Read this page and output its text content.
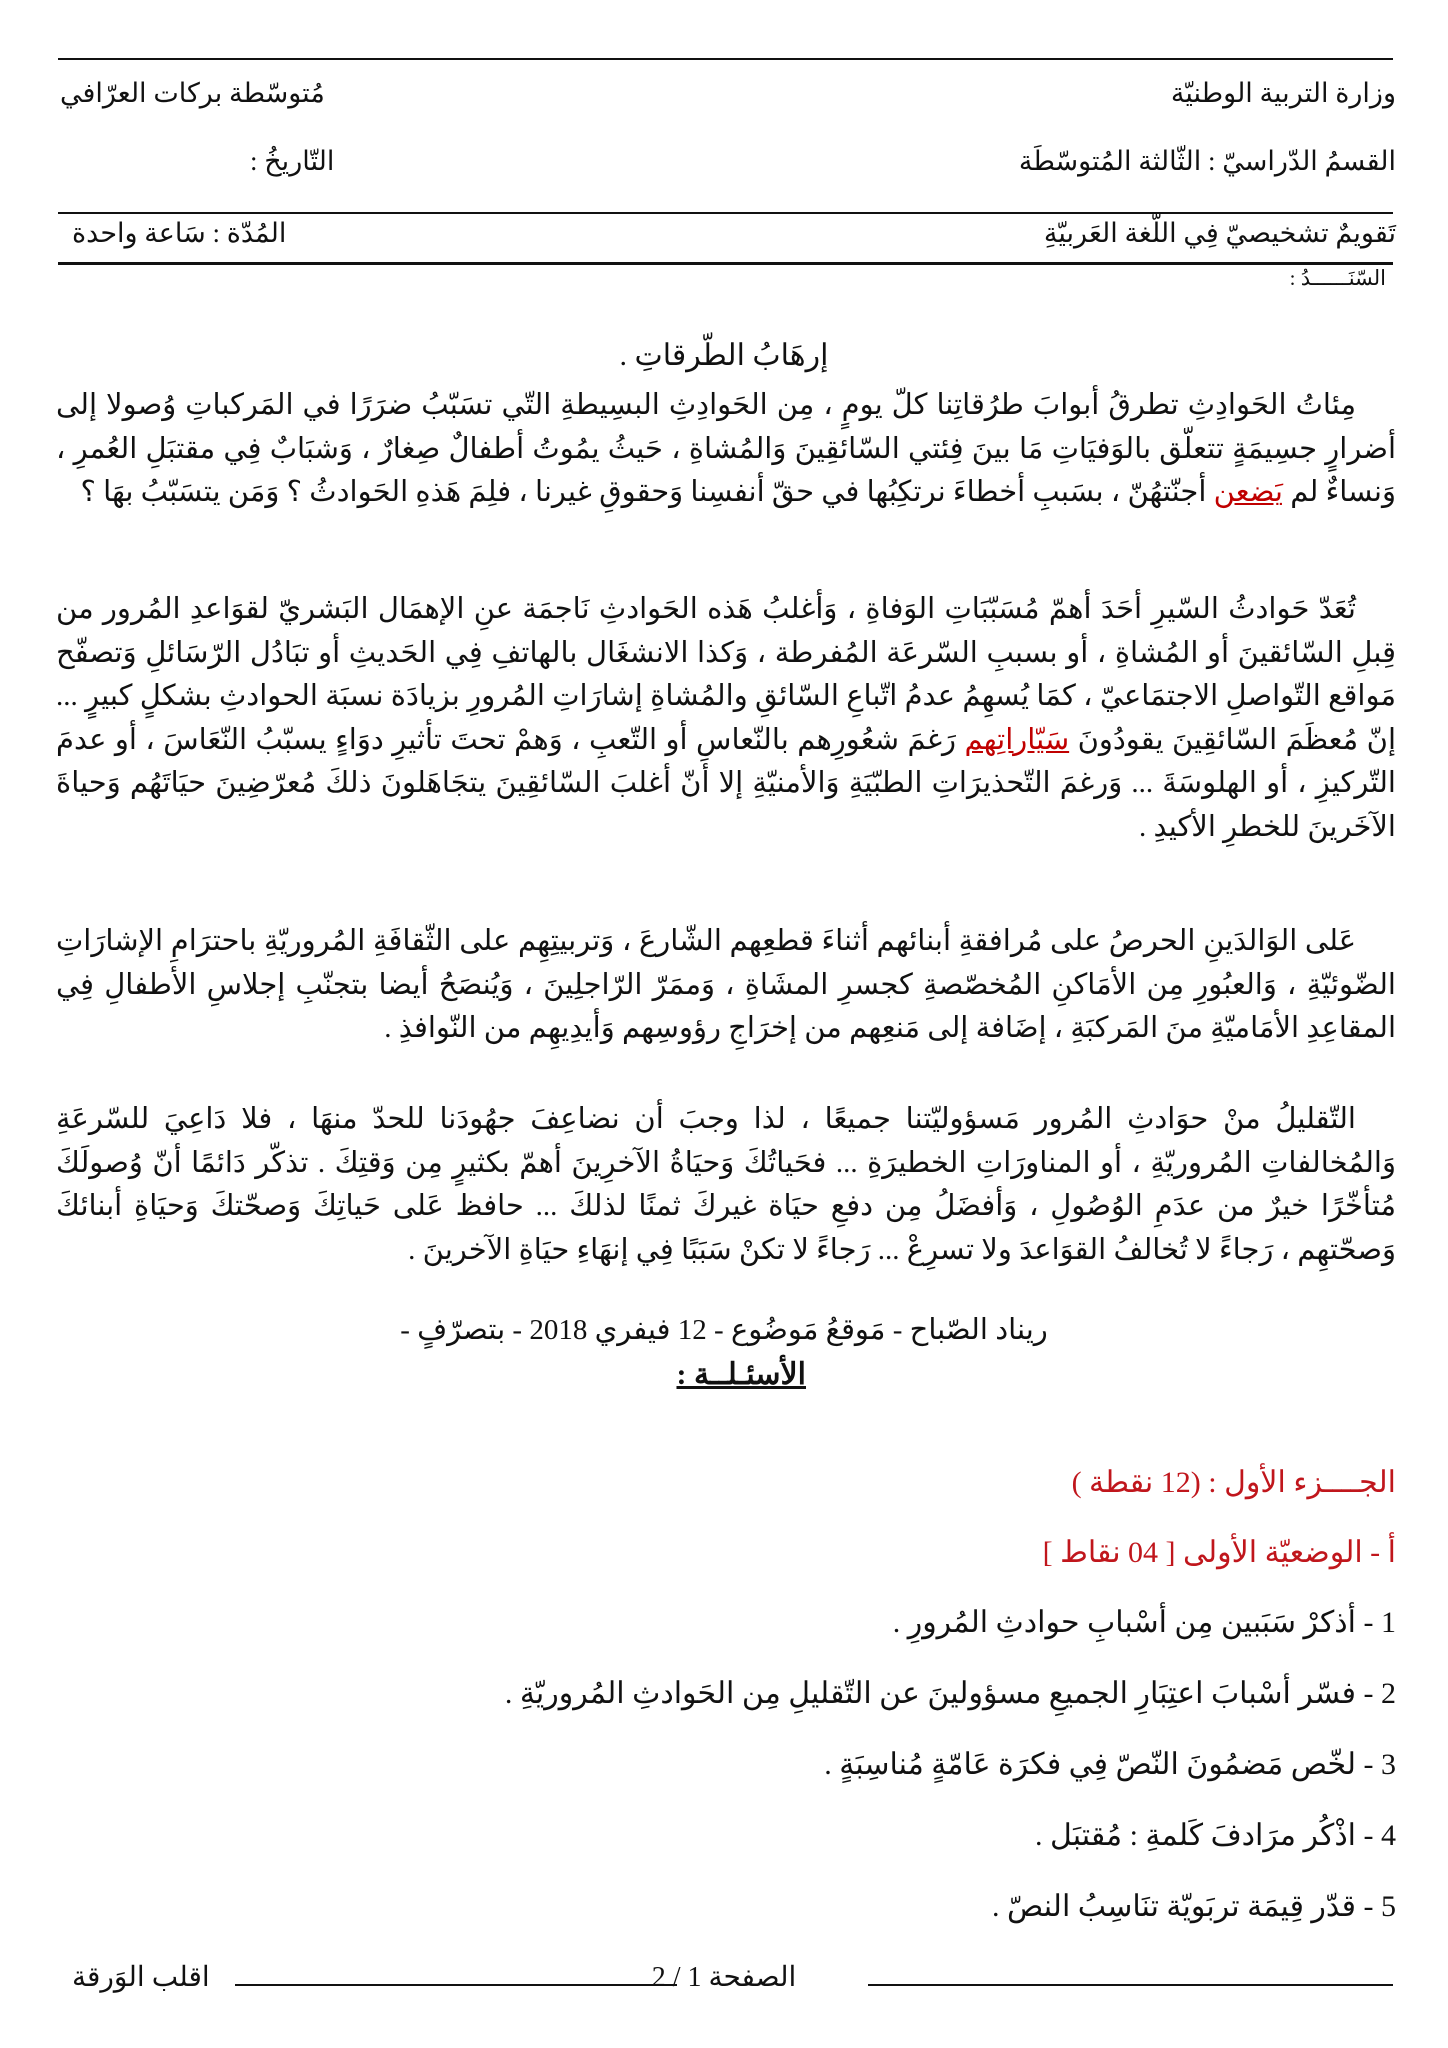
وزارة التربية الوطنيّة
مُتوسّطة بركات العرّافي
القسمُ الدّراسيّ : الثّالثة المُتوسّطَة
التّاريخُ :
تَقويمٌ تشخيصيّ فِي اللّغة العَربيّةِ
المُدّة : سَاعة واحدة
السّنَــــــدُ :
إرهَابُ الطّرقاتِ .
مِئاتُ الحَوادِثِ تطرقُ أبوابَ طرُقاتِنا كلّ يومٍ ، مِن الحَوادِثِ البسِيطةِ التّي تسَبّبُ ضرَرًا في المَركباتِ وُصولا إلى أضرارٍ جسِيمَةٍ تتعلّق بالوَفيَاتِ مَا بينَ فِئتي السّائقِينَ وَالمُشاةِ ، حَيثُ يمُوتُ أطفالٌ صِغارٌ ، وَشبَابٌ فِي مقتبَلِ العُمرِ ، وَنساءٌ لم يَضعن أجنّتهُنّ ، بسَببِ أخطاءَ نرتكِبُها في حقّ أنفسِنا وَحقوقِ غيرنا ، فلِمَ هَذهِ الحَوادثُ ؟ وَمَن يتسَبّبُ بهَا ؟
تُعَدّ حَوادثُ السّيرِ أحَدَ أهمّ مُسَبّبَاتِ الوَفاةِ ، وَأغلبُ هَذه الحَوادثِ نَاجمَة عنِ الإهمَال البَشريّ لقوَاعدِ المُرور من قِبلِ السّائقينَ أو المُشاةِ ، أو بسببِ السّرعَة المُفرطة ، وَكذا الانشغَال بالهاتفِ فِي الحَديثِ أو تبَادُل الرّسَائلِ وَتصفّح مَواقع التّواصلِ الاجتمَاعيّ ، كمَا يُسهِمُ عدمُ اتّباعِ السّائقِ والمُشاةِ إشارَاتِ المُرورِ بزيادَة نسبَة الحوادثِ بشكلٍ كبيرٍ ... إنّ مُعظَمَ السّائقِينَ يقودُونَ سَيّاراتِهم رَغمَ شعُورِهم بالنّعاسِ أو التّعبِ ، وَهمْ تحتَ تأثيرِ دوَاءٍ يسبّبُ النّعَاسَ ، أو عدمَ التّركيزِ ، أو الهلوسَةَ ... وَرغمَ التّحذيرَاتِ الطبّيَةِ وَالأمنيّةِ إلا أنّ أغلبَ السّائقِينَ يتجَاهَلونَ ذلكَ مُعرّضِينَ حيَاتَهُم وَحياةَ الآخَرينَ للخطرِ الأكيدِ .
عَلى الوَالدَينِ الحرصُ على مُرافقةِ أبنائهم أثناءَ قطعِهم الشّارعَ ، وَتربيتِهِم على الثّقافَةِ المُروريّةِ باحترَامِ الإشارَاتِ الضّوئيّةِ ، وَالعبُورِ مِن الأمَاكنِ المُخصّصةِ كجسرِ المشَاةِ ، وَممَرّ الرّاجلِينَ ، وَيُنصَحُ أيضا بتجنّبِ إجلاسِ الأطفالِ فِي المقاعِدِ الأمَاميّةِ منَ المَركبَةِ ، إضَافة إلى مَنعِهم من إخرَاجِ رؤوسِهم وَأيدِيهِم من النّوافذِ .
التّقليلُ منْ حوَادثِ المُرور مَسؤوليّتنا جميعًا ، لذا وجبَ أن نضاعِفَ جهُودَنا للحدّ منهَا ، فلا دَاعِيَ للسّرعَةِ وَالمُخالفاتِ المُروريّةِ ، أو المناورَاتِ الخطيرَةِ ... فحَياتُكَ وَحيَاةُ الآخرِينَ أهمّ بكثيرٍ مِن وَقتِكَ . تذكّر دَائمًا أنّ وُصولَكَ مُتأخّرًا خيرٌ من عدَمِ الوُصُولِ ، وَأفضَلُ مِن دفعِ حيَاة غيركَ ثمنًا لذلكَ ... حافظ عَلى حَياتِكَ وَصحّتكَ وَحيَاةِ أبنائكَ وَصحّتهِم ، رَجاءً لا تُخالفُ القوَاعدَ ولا تسرِعْ ... رَجاءً لا تكنْ سَبَبًا فِي إنهَاءِ حيَاةِ الآخرينَ .
ريناد الصّباح - مَوقعُ مَوضُوع - 12 فيفري 2018 - بتصرّفٍ -
الأسئـلــة :
الجــــزء الأول : (12 نقطة )
أ - الوضعيّة الأولى [ 04 نقاط ]
1 - أذكرْ سَبَبين مِن أسْبابِ حوادثِ المُرورِ .
2 - فسّر أسْبابَ اعتِبَارِ الجميعِ مسؤولينَ عن التّقليلِ مِن الحَوادثِ المُروريّةِ .
3 - لخّص مَضمُونَ النّصّ فِي فكرَة عَامّةٍ مُناسِبَةٍ .
4 - اذْكُر مرَادفَ كَلمةِ : مُقتبَل .
5 - قدّر قِيمَة تربَويّة تنَاسِبُ النصّ .
الصفحة 1 / 2
اقلب الوَرقة
